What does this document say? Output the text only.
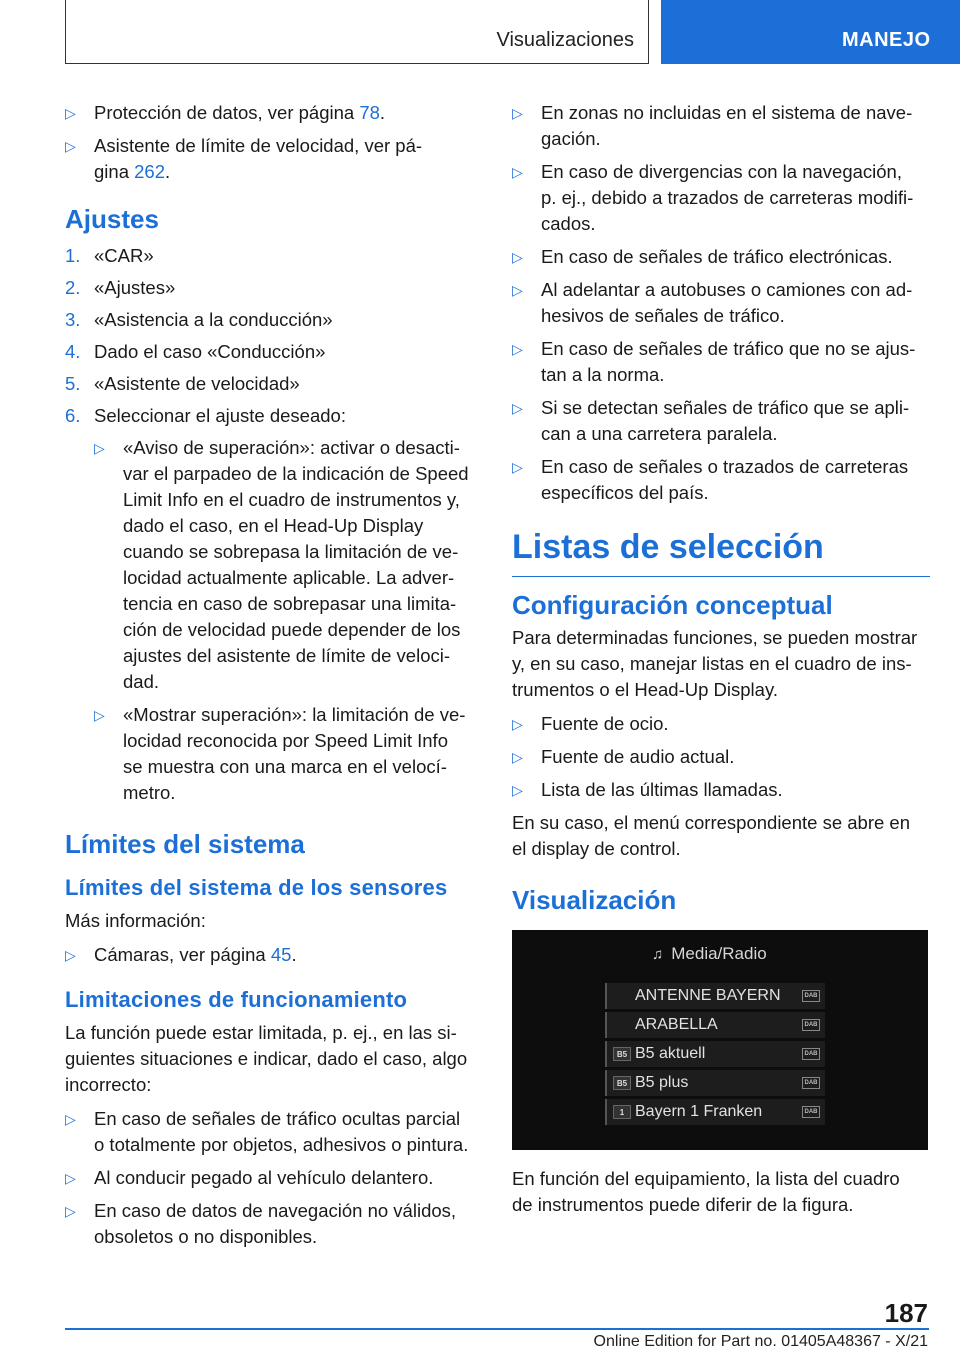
Visualizaciones	MANEJO
▷ Protección de datos, ver página 78.
▷ Asistente de límite de velocidad, ver pá-
gina 262.
Ajustes
1. «CAR»
2. «Ajustes»
3. «Asistencia a la conducción»
4. Dado el caso «Conducción»
5. «Asistente de velocidad»
6. Seleccionar el ajuste deseado:
▷ «Aviso de superación»: activar o desacti-
var el parpadeo de la indicación de Speed
Limit Info en el cuadro de instrumentos y,
dado el caso, en el Head-Up Display
cuando se sobrepasa la limitación de ve-
locidad actualmente aplicable. La adver-
tencia en caso de sobrepasar una limita-
ción de velocidad puede depender de los
ajustes del asistente de límite de veloci-
dad.
▷ «Mostrar superación»: la limitación de ve-
locidad reconocida por Speed Limit Info
se muestra con una marca en el velocí-
metro.
Límites del sistema
Límites del sistema de los sensores
Más información:
▷ Cámaras, ver página 45.
Limitaciones de funcionamiento
La función puede estar limitada, p. ej., en las si-
guientes situaciones e indicar, dado el caso, algo
incorrecto:
▷ En caso de señales de tráfico ocultas parcial
o totalmente por objetos, adhesivos o pintura.
▷ Al conducir pegado al vehículo delantero.
▷ En caso de datos de navegación no válidos,
obsoletos o no disponibles.
▷ En zonas no incluidas en el sistema de nave-
gación.
▷ En caso de divergencias con la navegación,
p. ej., debido a trazados de carreteras modifi-
cados.
▷ En caso de señales de tráfico electrónicas.
▷ Al adelantar a autobuses o camiones con ad-
hesivos de señales de tráfico.
▷ En caso de señales de tráfico que no se ajus-
tan a la norma.
▷ Si se detectan señales de tráfico que se apli-
can a una carretera paralela.
▷ En caso de señales o trazados de carreteras
específicos del país.
Listas de selección
Configuración conceptual
Para determinadas funciones, se pueden mostrar
y, en su caso, manejar listas en el cuadro de ins-
trumentos o el Head-Up Display.
▷ Fuente de ocio.
▷ Fuente de audio actual.
▷ Lista de las últimas llamadas.
En su caso, el menú correspondiente se abre en
el display de control.
Visualización
♫ Media/Radio
ANTENNE BAYERN	DAB
ARABELLA	DAB
B5 B5 aktuell	DAB
B5 B5 plus	DAB
1 Bayern 1 Franken	DAB
En función del equipamiento, la lista del cuadro
de instrumentos puede diferir de la figura.
187
Online Edition for Part no. 01405A48367 - X/21
